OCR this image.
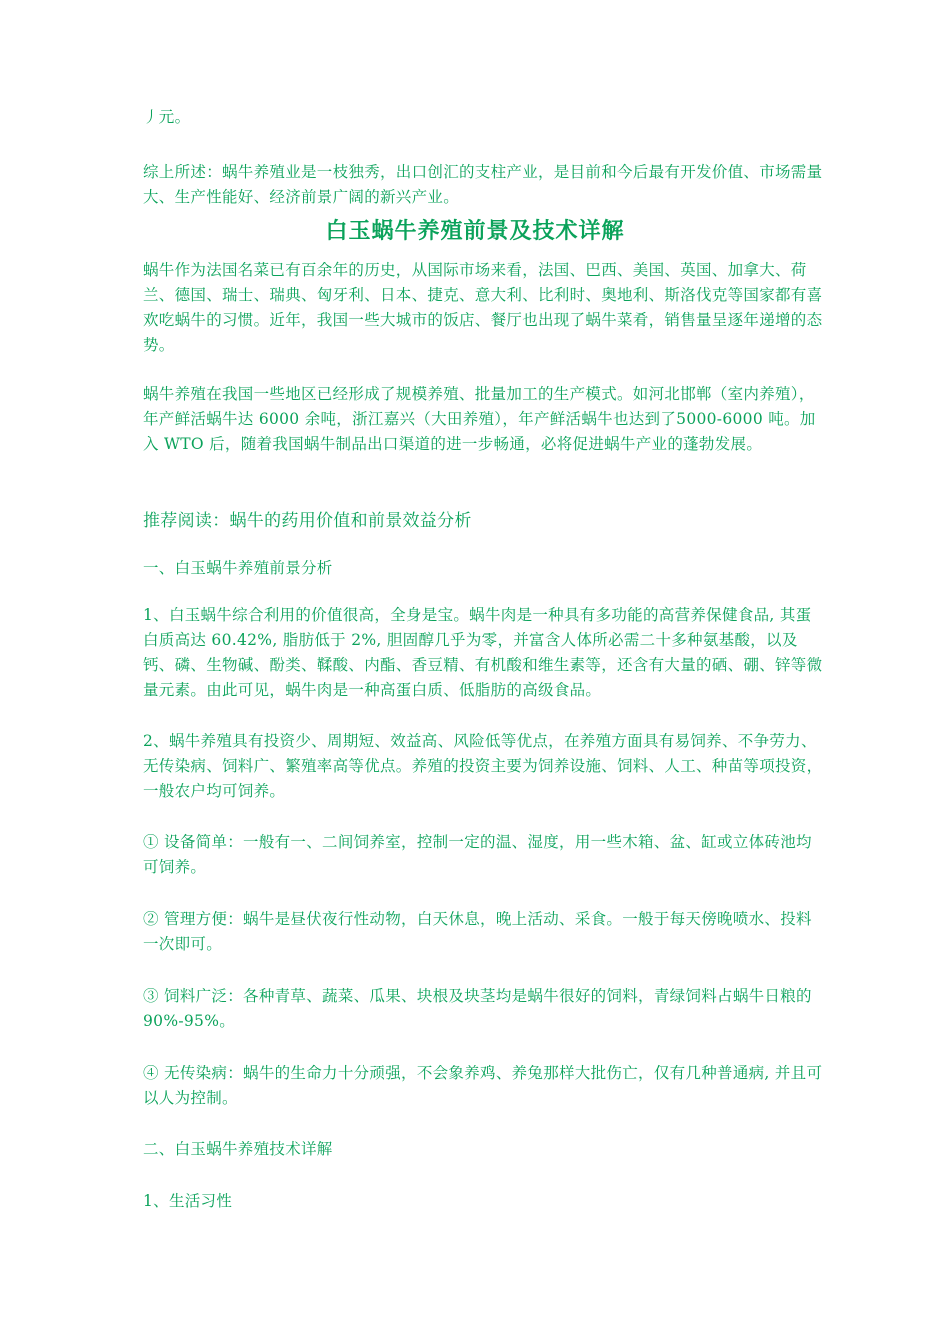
丿元。

综上所述：蜗牛养殖业是一枝独秀，出口创汇的支柱产业，是目前和今后最有开发价值、市场需量大、生产性能好、经济前景广阔的新兴产业。

白玉蜗牛养殖前景及技术详解

蜗牛作为法国名菜已有百余年的历史，从国际市场来看，法国、巴西、美国、英国、加拿大、荷兰、德国、瑞士、瑞典、匈牙利、日本、捷克、意大利、比利时、奥地利、斯洛伐克等国家都有喜欢吃蜗牛的习惯。近年，我国一些大城市的饭店、餐厅也出现了蜗牛菜肴，销售量呈逐年递增的态势。

蜗牛养殖在我国一些地区已经形成了规模养殖、批量加工的生产模式。如河北邯郸（室内养殖），年产鲜活蜗牛达 6000 余吨，浙江嘉兴（大田养殖），年产鲜活蜗牛也达到了5000-6000 吨。加入 WTO 后，随着我国蜗牛制品出口渠道的进一步畅通，必将促进蜗牛产业的蓬勃发展。

推荐阅读：蜗牛的药用价值和前景效益分析

一、白玉蜗牛养殖前景分析

1、白玉蜗牛综合利用的价值很高，全身是宝。蜗牛肉是一种具有多功能的高营养保健食品, 其蛋白质高达 60.42%, 脂肪低于 2%, 胆固醇几乎为零，并富含人体所必需二十多种氨基酸，以及钙、磷、生物碱、酚类、鞣酸、内酯、香豆精、有机酸和维生素等，还含有大量的硒、硼、锌等微量元素。由此可见，蜗牛肉是一种高蛋白质、低脂肪的高级食品。

2、蜗牛养殖具有投资少、周期短、效益高、风险低等优点，在养殖方面具有易饲养、不争劳力、无传染病、饲料广、繁殖率高等优点。养殖的投资主要为饲养设施、饲料、人工、种苗等项投资，一般农户均可饲养。

① 设备简单：一般有一、二间饲养室，控制一定的温、湿度，用一些木箱、盆、缸或立体砖池均可饲养。

② 管理方便：蜗牛是昼伏夜行性动物，白天休息，晚上活动、采食。一般于每天傍晚喷水、投料一次即可。

③ 饲料广泛：各种青草、蔬菜、瓜果、块根及块茎均是蜗牛很好的饲料，青绿饲料占蜗牛日粮的 90%-95%。

④ 无传染病：蜗牛的生命力十分顽强，不会象养鸡、养兔那样大批伤亡，仅有几种普通病, 并且可以人为控制。

二、白玉蜗牛养殖技术详解

1、生活习性
